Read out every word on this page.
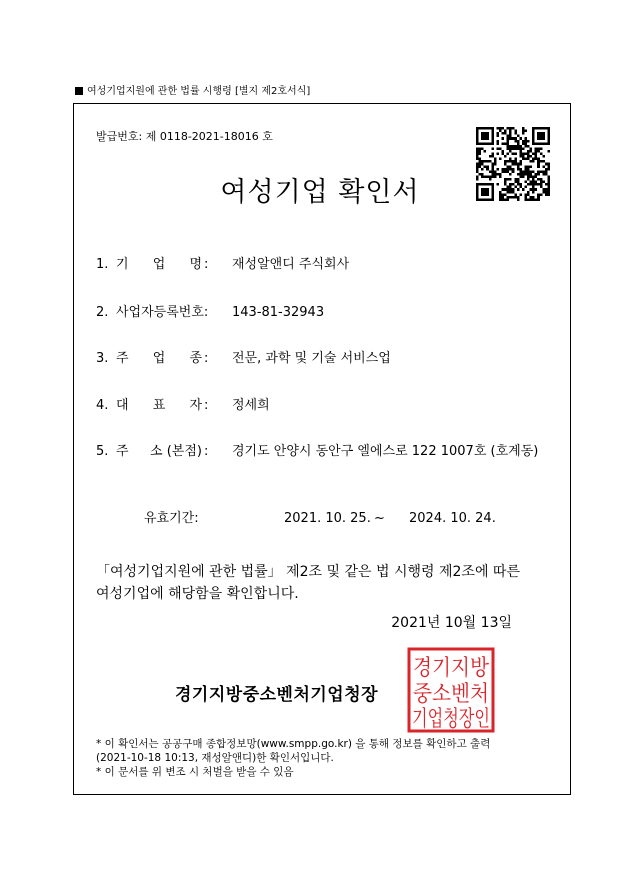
여성기업지원에 관한 법률 시행령 [별지 제2호서식]
발급번호: 제 0118-2021-18016 호
여성기업 확인서
1. 기 업 명 : 재성알앤디 주식회사
2. 사업자등록번호: 143-81-32943
3. 주 업 종 : 전문, 과학 및 기술 서비스업
4. 대 표 자 : 정세희
5. 주 소 (본점) : 경기도 안양시 동안구 엘에스로 122 1007호 (호계동)
유효기간:	2021. 10. 25. ~ 2024. 10. 24.
「여성기업지원에 관한 법률」 제2조 및 같은 법 시행령 제2조에 따른
여성기업에 해당함을 확인합니다.
2021년 10월 13일
경기지방중소벤처기업청장
경기지방
중소벤처
기업청장인
* 이 확인서는 공공구매 종합정보망(www.smpp.go.kr) 을 통해 정보를 확인하고 출력
(2021-10-18 10:13, 재성알앤디)한 확인서입니다.
* 이 문서를 위 변조 시 처벌을 받을 수 있음
